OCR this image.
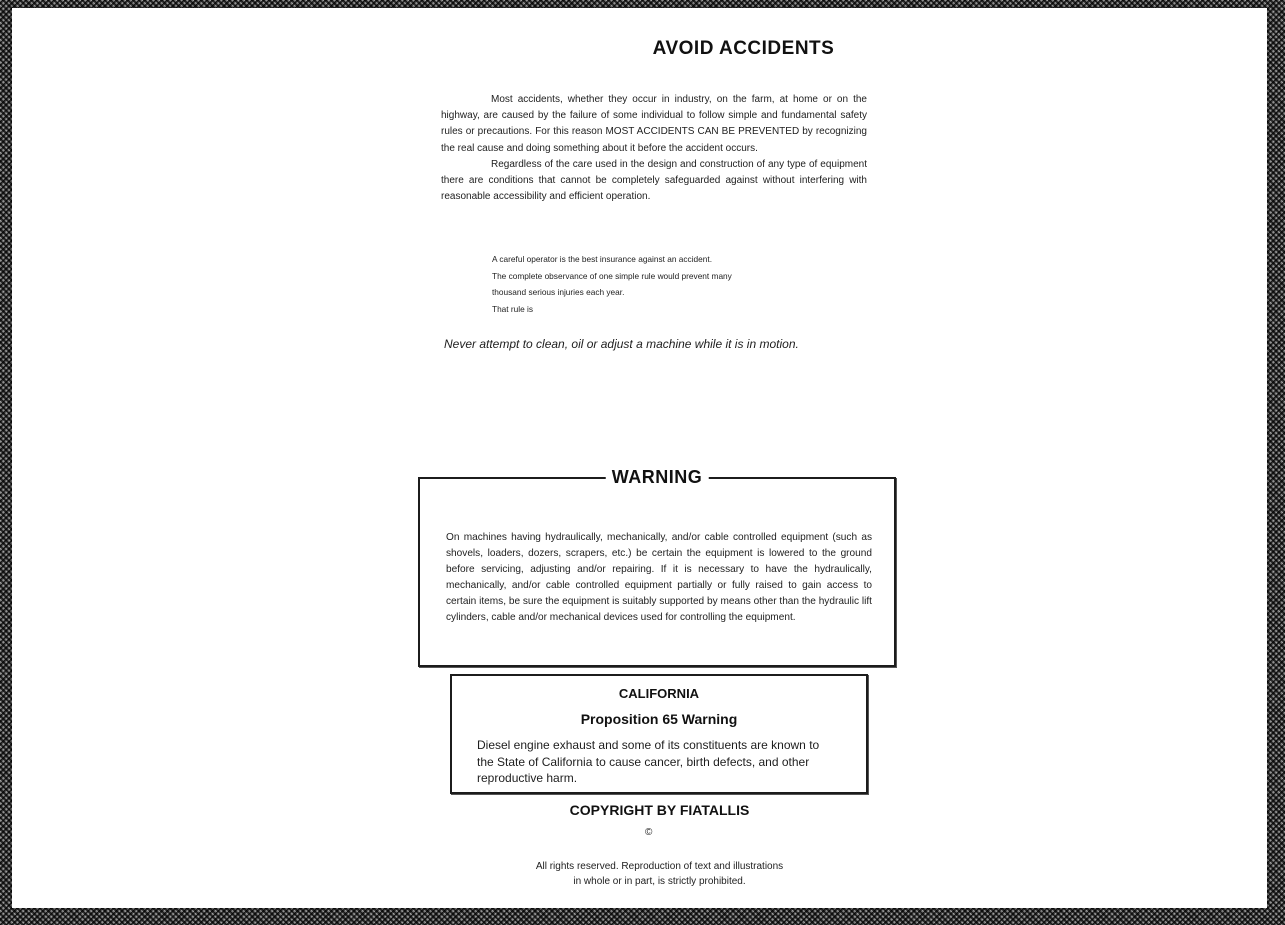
AVOID ACCIDENTS

Most accidents, whether they occur in industry, on the farm, at home or on the highway, are caused by the failure of some individual to follow simple and fundamental safety rules or precautions. For this reason MOST ACCIDENTS CAN BE PREVENTED by recognizing the real cause and doing something about it before the accident occurs.

Regardless of the care used in the design and construction of any type of equipment there are conditions that cannot be completely safeguarded against without interfering with reasonable accessibility and efficient operation.

A careful operator is the best insurance against an accident.
The complete observance of one simple rule would prevent many
thousand serious injuries each year.
That rule is
Never attempt to clean, oil or adjust a machine while it is in motion.
WARNING
On machines having hydraulically, mechanically, and/or cable controlled equipment (such as shovels, loaders, dozers, scrapers, etc.) be certain the equipment is lowered to the ground before servicing, adjusting and/or repairing. If it is necessary to have the hydraulically, mechanically, and/or cable controlled equipment partially or fully raised to gain access to certain items, be sure the equipment is suitably supported by means other than the hydraulic lift cylinders, cable and/or mechanical devices used for controlling the equipment.
CALIFORNIA
Proposition 65 Warning
Diesel engine exhaust and some of its constituents are known to the State of California to cause cancer, birth defects, and other reproductive harm.
COPYRIGHT BY FIATALLIS
©
All rights reserved. Reproduction of text and illustrations
in whole or in part, is strictly prohibited.
